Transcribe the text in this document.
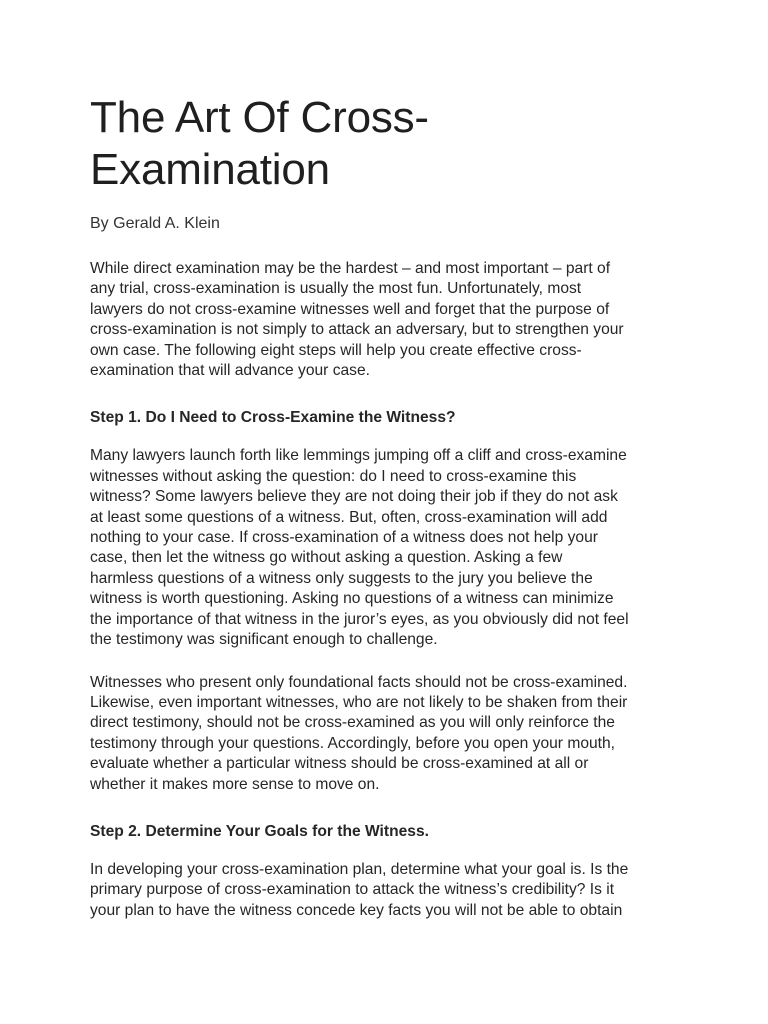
The Art Of Cross-
Examination

By Gerald A. Klein

While direct examination may be the hardest – and most important – part of
any trial, cross-examination is usually the most fun. Unfortunately, most
lawyers do not cross-examine witnesses well and forget that the purpose of
cross-examination is not simply to attack an adversary, but to strengthen your
own case. The following eight steps will help you create effective cross-
examination that will advance your case.

Step 1. Do I Need to Cross-Examine the Witness?

Many lawyers launch forth like lemmings jumping off a cliff and cross-examine
witnesses without asking the question: do I need to cross-examine this
witness? Some lawyers believe they are not doing their job if they do not ask
at least some questions of a witness. But, often, cross-examination will add
nothing to your case. If cross-examination of a witness does not help your
case, then let the witness go without asking a question. Asking a few
harmless questions of a witness only suggests to the jury you believe the
witness is worth questioning. Asking no questions of a witness can minimize
the importance of that witness in the juror’s eyes, as you obviously did not feel
the testimony was significant enough to challenge.

Witnesses who present only foundational facts should not be cross-examined.
Likewise, even important witnesses, who are not likely to be shaken from their
direct testimony, should not be cross-examined as you will only reinforce the
testimony through your questions. Accordingly, before you open your mouth,
evaluate whether a particular witness should be cross-examined at all or
whether it makes more sense to move on.

Step 2. Determine Your Goals for the Witness.

In developing your cross-examination plan, determine what your goal is. Is the
primary purpose of cross-examination to attack the witness’s credibility? Is it
your plan to have the witness concede key facts you will not be able to obtain
